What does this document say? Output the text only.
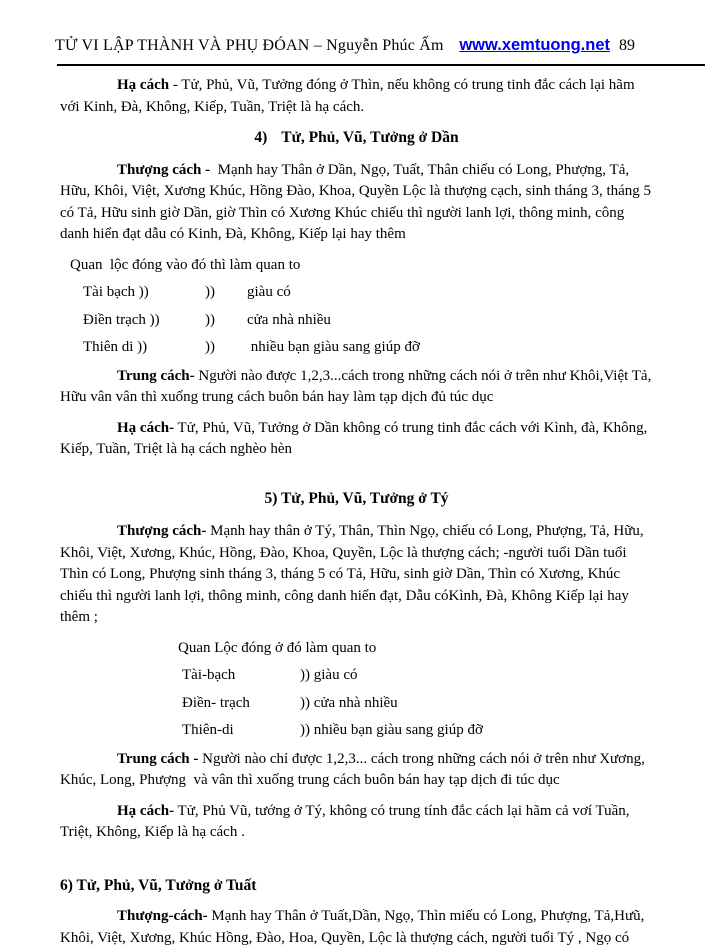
TỬ VI LẬP THÀNH VÀ PHỤ ĐÓAN – Nguyễn Phúc Ấm www.xemtuong.net 89

Hạ cách - Tử, Phủ, Vũ, Tưởng đóng ở Thìn, nếu không có trung tinh đắc cách lại hãm với Kinh, Đà, Không, Kiếp, Tuần, Triệt là hạ cách.

4) Tử, Phủ, Vũ, Tưởng ở Dần

Thượng cách -  Mạnh hay Thân ở Dần, Ngọ, Tuất, Thân chiếu có Long, Phượng, Tả, Hữu, Khôi, Việt, Xương Khúc, Hồng Đào, Khoa, Quyền Lộc là thượng cạch, sinh tháng 3, tháng 5 có Tả, Hữu sinh giờ Dần, giờ Thìn có Xương Khúc chiếu thì người lanh lợi, thông minh, công danh hiển đạt dẫu có Kinh, Đà, Không, Kiếp lại hay thêm

Quan  lộc đóng vào đó thì làm quan to

Tài bạch ))	))	giàu có
Điền trạch ))	))	cửa nhà nhiều
Thiên di ))	))	nhiều bạn giàu sang giúp đỡ

Trung cách- Người nào được 1,2,3...cách trong những cách nói ở trên như Khôi,Việt Tả, Hữu vân vân thì xuống trung cách buôn bán hay làm tạp dịch đủ túc dục

Hạ cách- Tử, Phủ, Vũ, Tưởng ở Dần không có trung tinh đắc cách với Kình, đà, Không, Kiếp, Tuần, Triệt là hạ cách nghèo hèn

5) Tử, Phủ, Vũ, Tưởng ở Tý

Thượng cách- Mạnh hay thân ở Tý, Thân, Thìn Ngọ, chiếu có Long, Phượng, Tả, Hữu, Khôi, Việt, Xương, Khúc, Hồng, Đào, Khoa, Quyền, Lộc là thượng cách; -người tuổi Dần tuổi Thìn có Long, Phượng sinh tháng 3, tháng 5 có Tả, Hữu, sinh giờ Dần, Thìn có Xương, Khúc chiếu thì người lanh lợi, thông minh, công danh hiển đạt, Dẫu cóKình, Đà, Không Kiếp lại hay thêm ;

Quan Lộc đóng ở đó làm quan to

Tài-bạch	)) giàu có
Điền- trạch	)) cửa nhà nhiều
Thiên-di	)) nhiều bạn giàu sang giúp đỡ

Trung cách - Người nào chỉ được 1,2,3... cách trong những cách nói ở trên như Xương, Khúc, Long, Phượng  và vân thì xuống trung cách buôn bán hay tạp dịch đi túc dục

Hạ cách- Tử, Phủ Vũ, tướng ở Tý, không có trung tính đắc cách lại hãm cả vơí Tuần, Triệt, Không, Kiếp là hạ cách .

6) Tử, Phủ, Vũ, Tưởng ở Tuất

Thượng-cách- Mạnh hay Thân ở Tuất,Dần, Ngọ, Thìn miếu có Long, Phượng, Tả,Hưũ, Khôi, Việt, Xương, Khúc Hồng, Đào, Hoa, Quyền, Lộc là thượng cách, người tuổi Tý , Ngọ có
